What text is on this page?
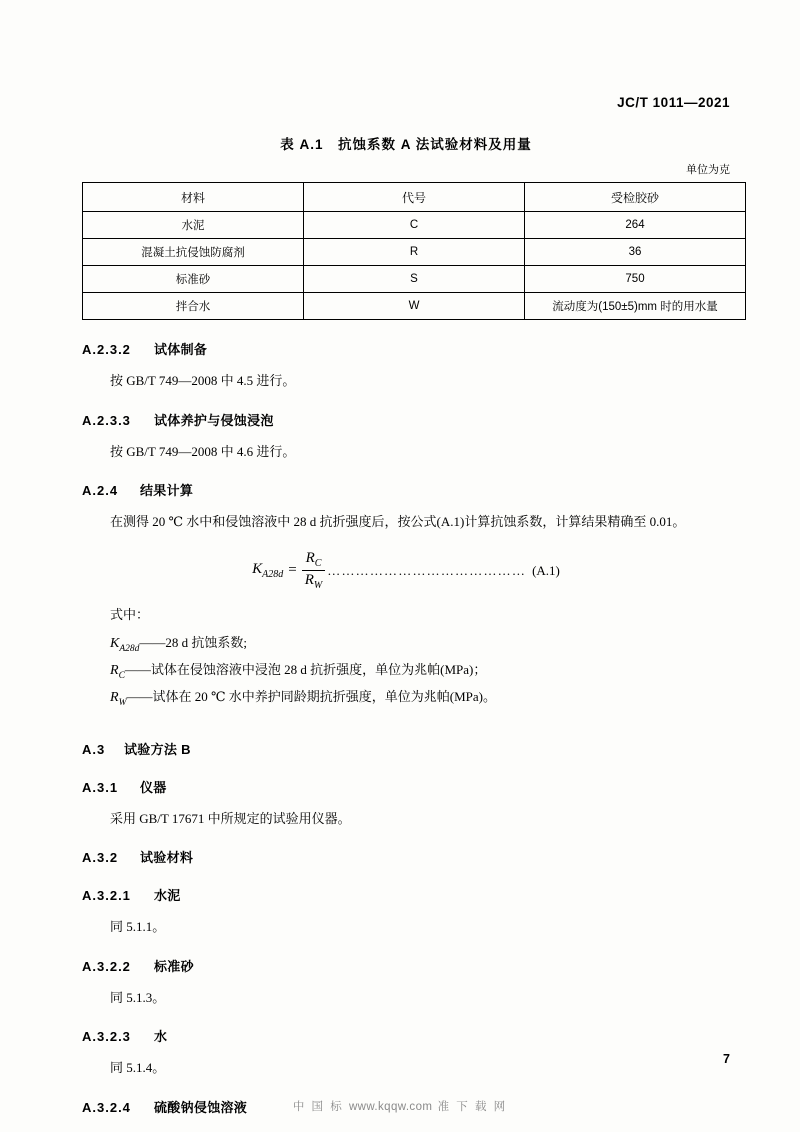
JC/T 1011—2021
表 A.1　抗蚀系数 A 法试验材料及用量
单位为克
材料	代号	受检胶砂
水泥	C	264
混凝土抗侵蚀防腐剂	R	36
标准砂	S	750
拌合水	W	流动度为(150±5)mm 时的用水量
A.2.3.2 试体制备
按 GB/T 749—2008 中 4.5 进行。
A.2.3.3 试体养护与侵蚀浸泡
按 GB/T 749—2008 中 4.6 进行。
A.2.4 结果计算
在测得 20 ℃ 水中和侵蚀溶液中 28 d 抗折强度后，按公式(A.1)计算抗蚀系数，计算结果精确至 0.01。
$K_{A28d} = \frac{R_C}{R_W}$ …………………………………… (A.1)
式中：
$K_{A28d}——28$ d 抗蚀系数;
$R_C——$试体在侵蚀溶液中浸泡 28 d 抗折强度，单位为兆帕(MPa)；
$R_W——$试体在 20 ℃ 水中养护同龄期抗折强度，单位为兆帕(MPa)。
A.3 试验方法 B
A.3.1 仪器
采用 GB/T 17671 中所规定的试验用仪器。
A.3.2 试验材料
A.3.2.1 水泥
同 5.1.1。
A.3.2.2 标准砂
同 5.1.3。
A.3.2.3 水
同 5.1.4。
A.3.2.4 硫酸钠侵蚀溶液
7
中 国 标 www.kqqw.com 准 下 载 网
